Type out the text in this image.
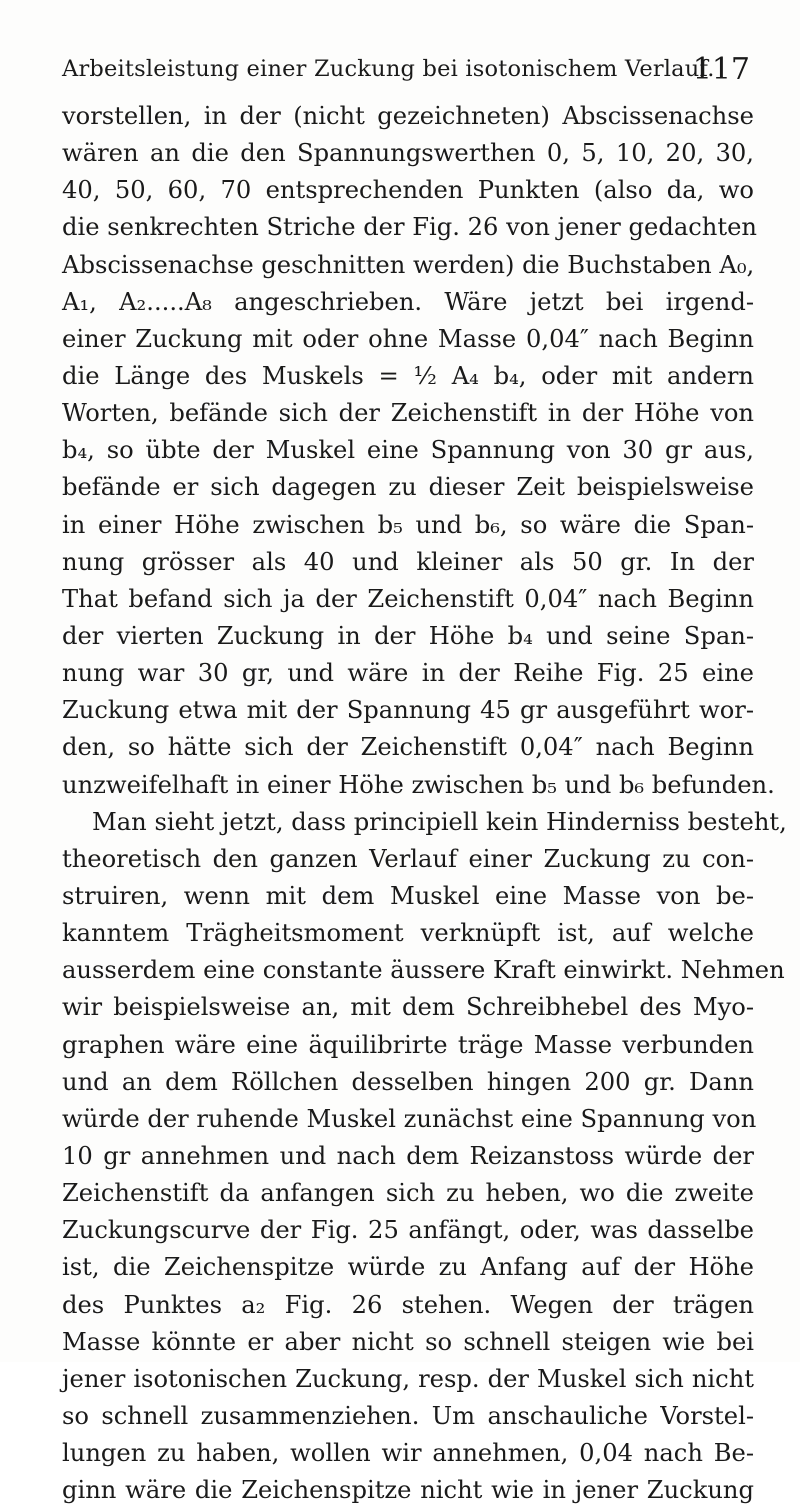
Arbeitsleistung einer Zuckung bei isotonischem Verlauf.
117
vorstellen, in der (nicht gezeichneten) Abscissenachse
wären an die den Spannungswerthen 0, 5, 10, 20, 30,
40, 50, 60, 70 entsprechenden Punkten (also da, wo
die senkrechten Striche der Fig. 26 von jener gedachten
Abscissenachse geschnitten werden) die Buchstaben A₀,
A₁, A₂.....A₈ angeschrieben. Wäre jetzt bei irgend-
einer Zuckung mit oder ohne Masse 0,04″ nach Beginn
die Länge des Muskels = ½ A₄ b₄, oder mit andern
Worten, befände sich der Zeichenstift in der Höhe von
b₄, so übte der Muskel eine Spannung von 30 gr aus,
befände er sich dagegen zu dieser Zeit beispielsweise
in einer Höhe zwischen b₅ und b₆, so wäre die Span-
nung grösser als 40 und kleiner als 50 gr. In der
That befand sich ja der Zeichenstift 0,04″ nach Beginn
der vierten Zuckung in der Höhe b₄ und seine Span-
nung war 30 gr, und wäre in der Reihe Fig. 25 eine
Zuckung etwa mit der Spannung 45 gr ausgeführt wor-
den, so hätte sich der Zeichenstift 0,04″ nach Beginn
unzweifelhaft in einer Höhe zwischen b₅ und b₆ befunden.
Man sieht jetzt, dass principiell kein Hinderniss besteht,
theoretisch den ganzen Verlauf einer Zuckung zu con-
struiren, wenn mit dem Muskel eine Masse von be-
kanntem Trägheitsmoment verknüpft ist, auf welche
ausserdem eine constante äussere Kraft einwirkt. Nehmen
wir beispielsweise an, mit dem Schreibhebel des Myo-
graphen wäre eine äquilibrirte träge Masse verbunden
und an dem Röllchen desselben hingen 200 gr. Dann
würde der ruhende Muskel zunächst eine Spannung von
10 gr annehmen und nach dem Reizanstoss würde der
Zeichenstift da anfangen sich zu heben, wo die zweite
Zuckungscurve der Fig. 25 anfängt, oder, was dasselbe
ist, die Zeichenspitze würde zu Anfang auf der Höhe
des Punktes a₂ Fig. 26 stehen. Wegen der trägen
Masse könnte er aber nicht so schnell steigen wie bei
jener isotonischen Zuckung, resp. der Muskel sich nicht
so schnell zusammenziehen. Um anschauliche Vorstel-
lungen zu haben, wollen wir annehmen, 0,04 nach Be-
ginn wäre die Zeichenspitze nicht wie in jener Zuckung
